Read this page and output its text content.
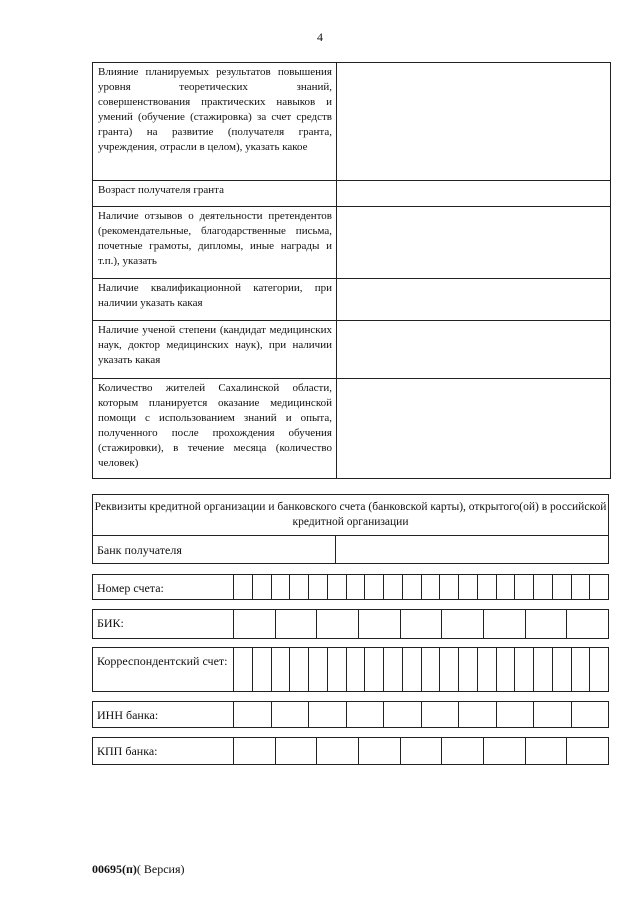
4
Влияние планируемых результатов повышения уровня теоретических знаний, совершенствования практических навыков и умений (обучение (стажировка) за счет средств гранта) на развитие (получателя гранта, учреждения, отрасли в целом), указать какое	
Возраст получателя гранта	
Наличие отзывов о деятельности претендентов (рекомендательные, благодарственные письма, почетные грамоты, дипломы, иные награды и т.п.), указать	
Наличие квалификационной категории, при наличии указать какая	
Наличие ученой степени (кандидат медицинских наук, доктор медицинских наук), при наличии указать какая	
Количество жителей Сахалинской области, которым планируется оказание медицинской помощи с использованием знаний и опыта, полученного после прохождения обучения (стажировки), в течение месяца (количество человек)	
Реквизиты кредитной организации и банковского счета (банковской карты), открытого(ой) в российской кредитной организации
Банк получателя
Номер счета:
БИК:
Корреспондентский счет:
ИНН банка:
КПП банка:
00695(п)( Версия)
